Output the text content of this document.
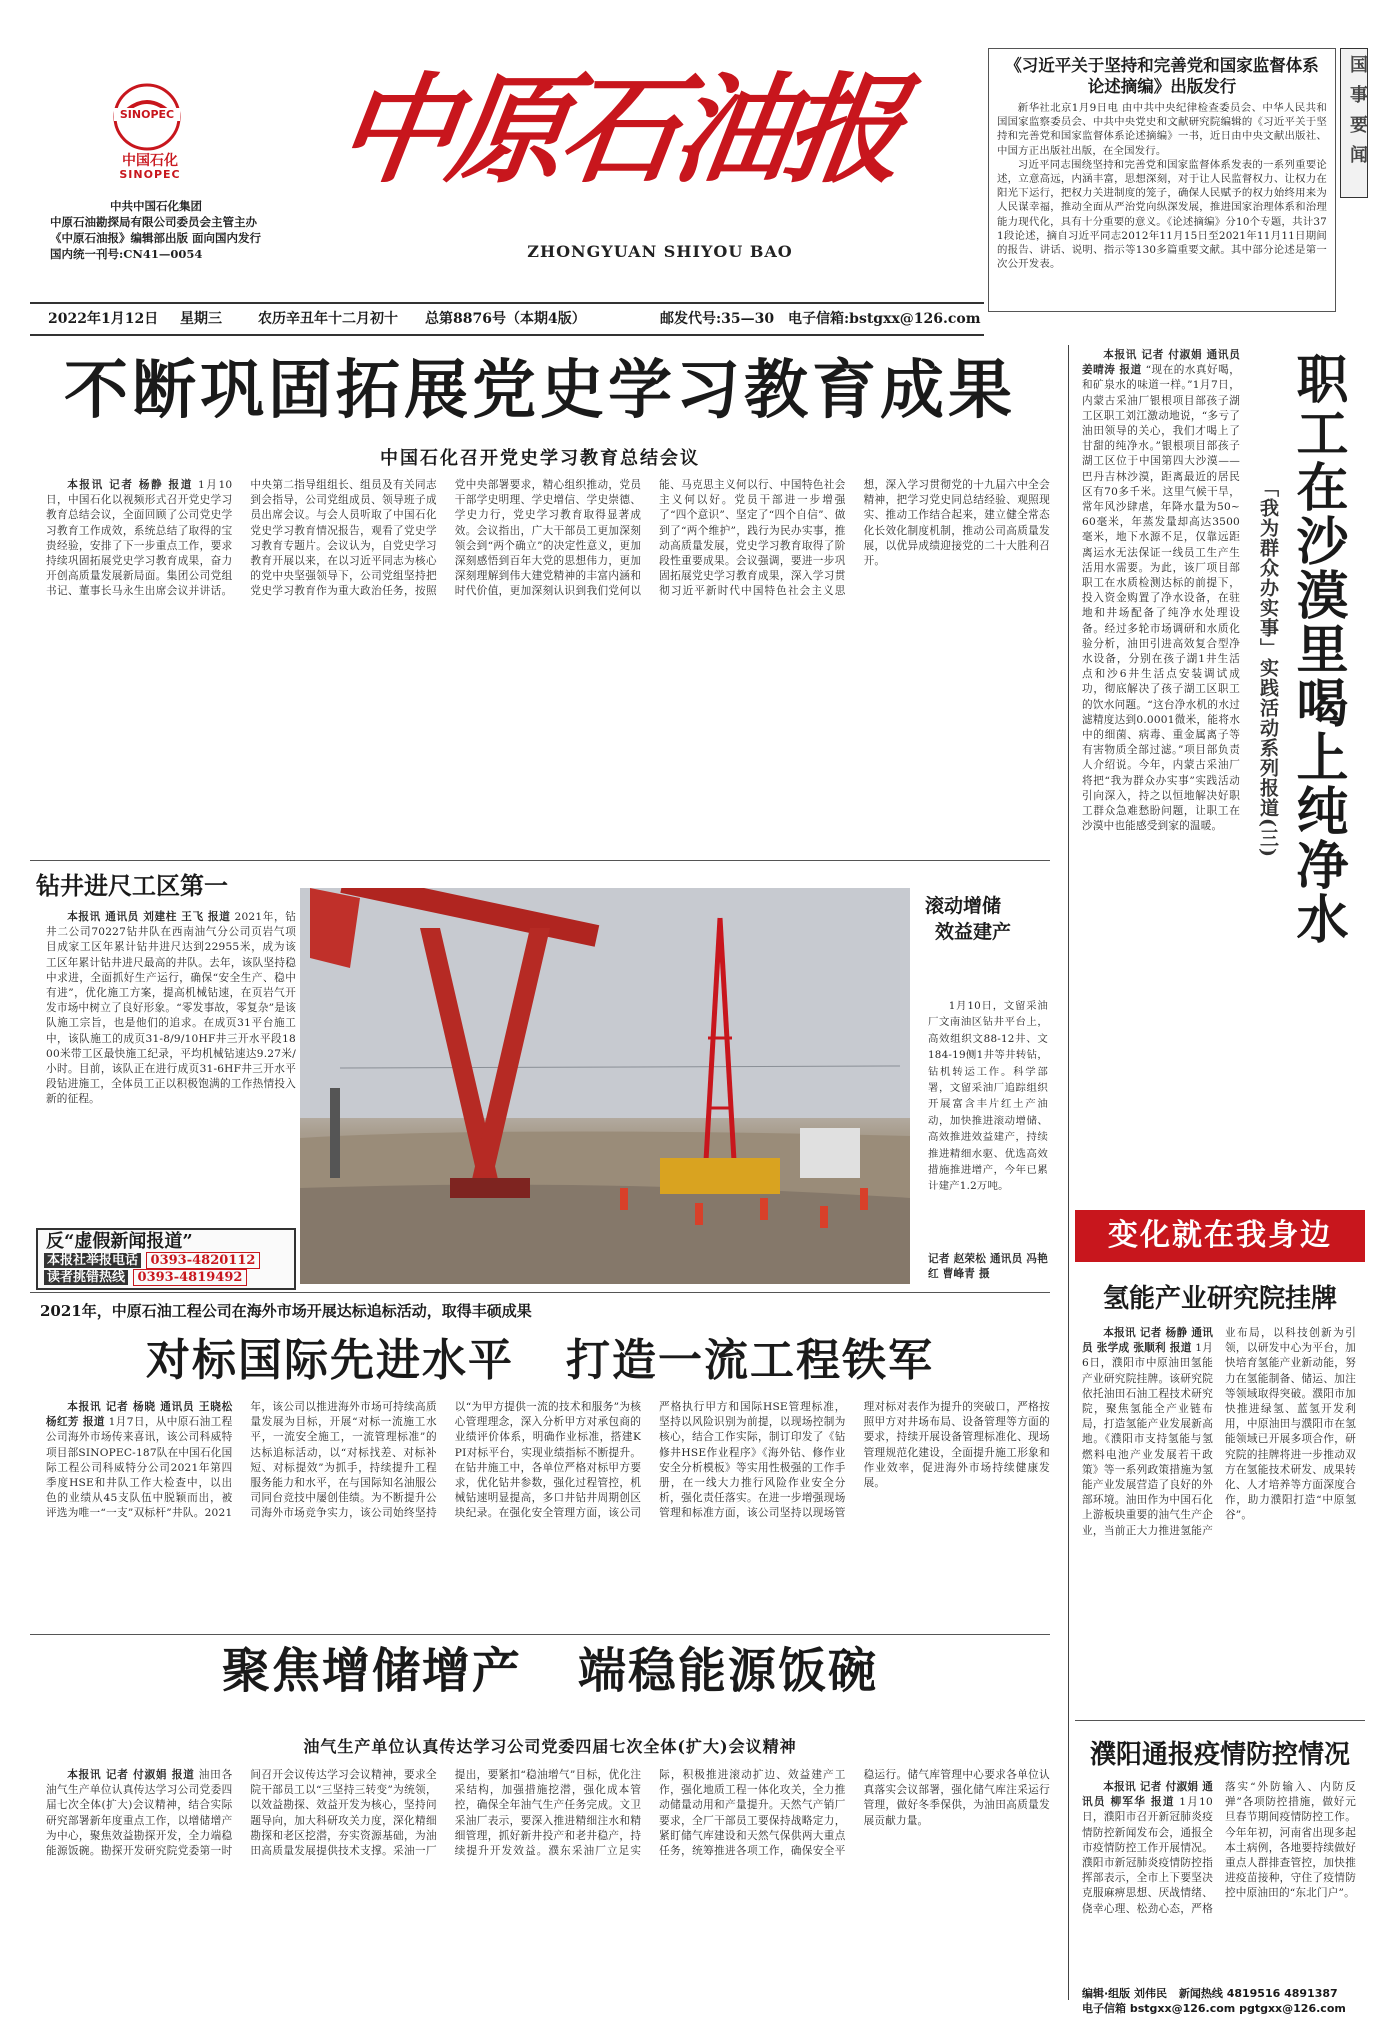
SINOPEC
中国石化
SINOPEC
中共中国石化集团
中原石油勘探局有限公司委员会主管主办
《中原石油报》编辑部出版 面向国内发行
国内统一刊号:CN41—0054
中原石油报
ZHONGYUAN SHIYOU BAO
《习近平关于坚持和完善党和国家监督体系论述摘编》出版发行
新华社北京1月9日电 由中共中央纪律检查委员会、中华人民共和国国家监察委员会、中共中央党史和文献研究院编辑的《习近平关于坚持和完善党和国家监督体系论述摘编》一书，近日由中央文献出版社、中国方正出版社出版，在全国发行。
习近平同志围绕坚持和完善党和国家监督体系发表的一系列重要论述，立意高远，内涵丰富，思想深刻，对于让人民监督权力、让权力在阳光下运行，把权力关进制度的笼子，确保人民赋予的权力始终用来为人民谋幸福，推动全面从严治党向纵深发展，推进国家治理体系和治理能力现代化，具有十分重要的意义。《论述摘编》分10个专题，共计371段论述，摘自习近平同志2012年11月15日至2021年11月11日期间的报告、讲话、说明、指示等130多篇重要文献。其中部分论述是第一次公开发表。
国事要闻
2022年1月12日 星期三	农历辛丑年十二月初十 总第8876号（本期4版）	邮发代号:35—30 电子信箱:bstgxx@126.com
不断巩固拓展党史学习教育成果
中国石化召开党史学习教育总结会议
本报讯 记者 杨静 报道 1月10日，中国石化以视频形式召开党史学习教育总结会议，全面回顾了公司党史学习教育工作成效，系统总结了取得的宝贵经验，安排了下一步重点工作，要求持续巩固拓展党史学习教育成果，奋力开创高质量发展新局面。集团公司党组书记、董事长马永生出席会议并讲话。中央第二指导组组长、组员及有关同志到会指导，公司党组成员、领导班子成员出席会议。与会人员听取了中国石化党史学习教育情况报告，观看了党史学习教育专题片。会议认为，自党史学习教育开展以来，在以习近平同志为核心的党中央坚强领导下，公司党组坚持把党史学习教育作为重大政治任务，按照党中央部署要求，精心组织推动，党员干部学史明理、学史增信、学史崇德、学史力行，党史学习教育取得显著成效。会议指出，广大干部员工更加深刻领会到“两个确立”的决定性意义，更加深刻感悟到百年大党的思想伟力，更加深刻理解到伟大建党精神的丰富内涵和时代价值，更加深刻认识到我们党何以能、马克思主义何以行、中国特色社会主义何以好。党员干部进一步增强了“四个意识”、坚定了“四个自信”、做到了“两个维护”，践行为民办实事，推动高质量发展，党史学习教育取得了阶段性重要成果。会议强调，要进一步巩固拓展党史学习教育成果，深入学习贯彻习近平新时代中国特色社会主义思想，深入学习贯彻党的十九届六中全会精神，把学习党史同总结经验、观照现实、推动工作结合起来，建立健全常态化长效化制度机制，推动公司高质量发展，以优异成绩迎接党的二十大胜利召开。
钻井进尺工区第一
本报讯 通讯员 刘建柱 王飞 报道 2021年，钻井二公司70227钻井队在西南油气分公司页岩气项目成家工区年累计钻井进尺达到22955米，成为该工区年累计钻井进尺最高的井队。去年，该队坚持稳中求进，全面抓好生产运行，确保“安全生产、稳中有进”，优化施工方案，提高机械钻速，在页岩气开发市场中树立了良好形象。“零发事故，零复杂”是该队施工宗旨，也是他们的追求。在成页31平台施工中，该队施工的成页31-8/9/10HF井三开水平段1800米带工区最快施工纪录，平均机械钻速达9.27米/小时。目前，该队正在进行成页31-6HF井三开水平段钻进施工，全体员工正以积极饱满的工作热情投入新的征程。
反“虚假新闻报道”
本报社举报电话 0393-4820112
读者挑错热线 0393-4819492
滚动增储
效益建产
1月10日，文留采油厂文南油区钻井平台上，高效组织文88-12井、文184-19侧1井等井转钻，钻机转运工作。科学部署，文留采油厂追踪组织开展富含丰片红土产油动，加快推进滚动增储、高效推进效益建产，持续推进精细水驱、优选高效措施推进增产，今年已累计建产1.2万吨。
记者 赵荣松 通讯员 冯艳红 曹峰青 摄
2021年，中原石油工程公司在海外市场开展达标追标活动，取得丰硕成果
对标国际先进水平   打造一流工程铁军
本报讯 记者 杨晓 通讯员 王晓松 杨红芳 报道 1月7日，从中原石油工程公司海外市场传来喜讯，该公司科威特项目部SINOPEC-187队在中国石化国际工程公司科威特分公司2021年第四季度HSE和井队工作大检查中，以出色的业绩从45支队伍中脱颖而出，被评选为唯一“一支”双标杆”井队。2021年，该公司以推进海外市场可持续高质量发展为目标，开展“对标一流施工水平，一流安全施工，一流管理标准”的达标追标活动，以“对标找差、对标补短、对标提效”为抓手，持续提升工程服务能力和水平，在与国际知名油服公司同台竞技中屡创佳绩。为不断提升公司海外市场竞争实力，该公司始终坚持以“为甲方提供一流的技术和服务”为核心管理理念，深入分析甲方对承包商的业绩评价体系，明确作业标准，搭建KPI对标平台，实现业绩指标不断提升。在钻井施工中，各单位严格对标甲方要求，优化钻井参数，强化过程管控，机械钻速明显提高，多口井钻井周期创区块纪录。在强化安全管理方面，该公司严格执行甲方和国际HSE管理标准，坚持以风险识别为前提，以现场控制为核心，结合工作实际，制订印发了《钻修井HSE作业程序》《海外钻、修作业安全分析模板》等实用性极强的工作手册，在一线大力推行风险作业安全分析，强化责任落实。在进一步增强现场管理和标准方面，该公司坚持以现场管理对标对表作为提升的突破口，严格按照甲方对井场布局、设备管理等方面的要求，持续开展设备管理标准化、现场管理规范化建设，全面提升施工形象和作业效率，促进海外市场持续健康发展。
聚焦增储增产   端稳能源饭碗
油气生产单位认真传达学习公司党委四届七次全体(扩大)会议精神
本报讯 记者 付淑娟 报道 油田各油气生产单位认真传达学习公司党委四届七次全体(扩大)会议精神，结合实际研究部署新年度重点工作，以增储增产为中心，聚焦效益勘探开发，全力端稳能源饭碗。勘探开发研究院党委第一时间召开会议传达学习会议精神，要求全院干部员工以“三坚持三转变”为统领，以效益勘探、效益开发为核心，坚持问题导向，加大科研攻关力度，深化精细勘探和老区挖潜，夯实资源基础，为油田高质量发展提供技术支撑。采油一厂提出，要紧扣“稳油增气”目标，优化注采结构，加强措施挖潜，强化成本管控，确保全年油气生产任务完成。文卫采油厂表示，要深入推进精细注水和精细管理，抓好新井投产和老井稳产，持续提升开发效益。濮东采油厂立足实际，积极推进滚动扩边、效益建产工作，强化地质工程一体化攻关，全力推动储量动用和产量提升。天然气产销厂要求，全厂干部员工要保持战略定力，紧盯储气库建设和天然气保供两大重点任务，统筹推进各项工作，确保安全平稳运行。储气库管理中心要求各单位认真落实会议部署，强化储气库注采运行管理，做好冬季保供，为油田高质量发展贡献力量。
职工在沙漠里喝上纯净水
「我为群众办实事」实践活动系列报道(三)
本报讯 记者 付淑娟 通讯员 姜晴涛 报道 “现在的水真好喝，和矿泉水的味道一样。”1月7日，内蒙古采油厂银根项目部孩子湖工区职工刘江激动地说，“多亏了油田领导的关心，我们才喝上了甘甜的纯净水。”银根项目部孩子湖工区位于中国第四大沙漠——巴丹吉林沙漠，距离最近的居民区有70多千米。这里气候干旱，常年风沙肆虐，年降水量为50~60毫米，年蒸发量却高达3500毫米，地下水源不足，仅靠远距离运水无法保证一线员工生产生活用水需要。为此，该厂项目部职工在水质检测达标的前提下，投入资金购置了净水设备，在驻地和井场配备了纯净水处理设备。经过多轮市场调研和水质化验分析，油田引进高效复合型净水设备，分别在孩子湖1井生活点和沙6井生活点安装调试成功，彻底解决了孩子湖工区职工的饮水问题。“这台净水机的水过滤精度达到0.0001微米，能将水中的细菌、病毒、重金属离子等有害物质全部过滤。”项目部负责人介绍说。今年，内蒙古采油厂将把“我为群众办实事”实践活动引向深入，持之以恒地解决好职工群众急难愁盼问题，让职工在沙漠中也能感受到家的温暖。
变化就在我身边
氢能产业研究院挂牌
本报讯 记者 杨静 通讯员 张学成 张顺利 报道 1月6日，濮阳市中原油田氢能产业研究院挂牌。该研究院依托油田石油工程技术研究院，聚焦氢能全产业链布局，打造氢能产业发展新高地。《濮阳市支持氢能与氢燃料电池产业发展若干政策》等一系列政策措施为氢能产业发展营造了良好的外部环境。油田作为中国石化上游板块重要的油气生产企业，当前正大力推进氢能产业布局，以科技创新为引领，以研发中心为平台，加快培育氢能产业新动能，努力在氢能制备、储运、加注等领域取得突破。濮阳市加快推进绿氢、蓝氢开发利用，中原油田与濮阳市在氢能领域已开展多项合作，研究院的挂牌将进一步推动双方在氢能技术研发、成果转化、人才培养等方面深度合作，助力濮阳打造“中原氢谷”。
濮阳通报疫情防控情况
本报讯 记者 付淑娟 通讯员 柳军华 报道 1月10日，濮阳市召开新冠肺炎疫情防控新闻发布会，通报全市疫情防控工作开展情况。濮阳市新冠肺炎疫情防控指挥部表示，全市上下要坚决克服麻痹思想、厌战情绪、侥幸心理、松劲心态，严格落实“外防输入、内防反弹”各项防控措施，做好元旦春节期间疫情防控工作。今年年初，河南省出现多起本土病例，各地要持续做好重点人群排查管控，加快推进疫苗接种，守住了疫情防控中原油田的“东北门户”。
编辑·组版 刘伟民 新闻热线 4819516 4891387
电子信箱 bstgxx@126.com pgtgxx@126.com
